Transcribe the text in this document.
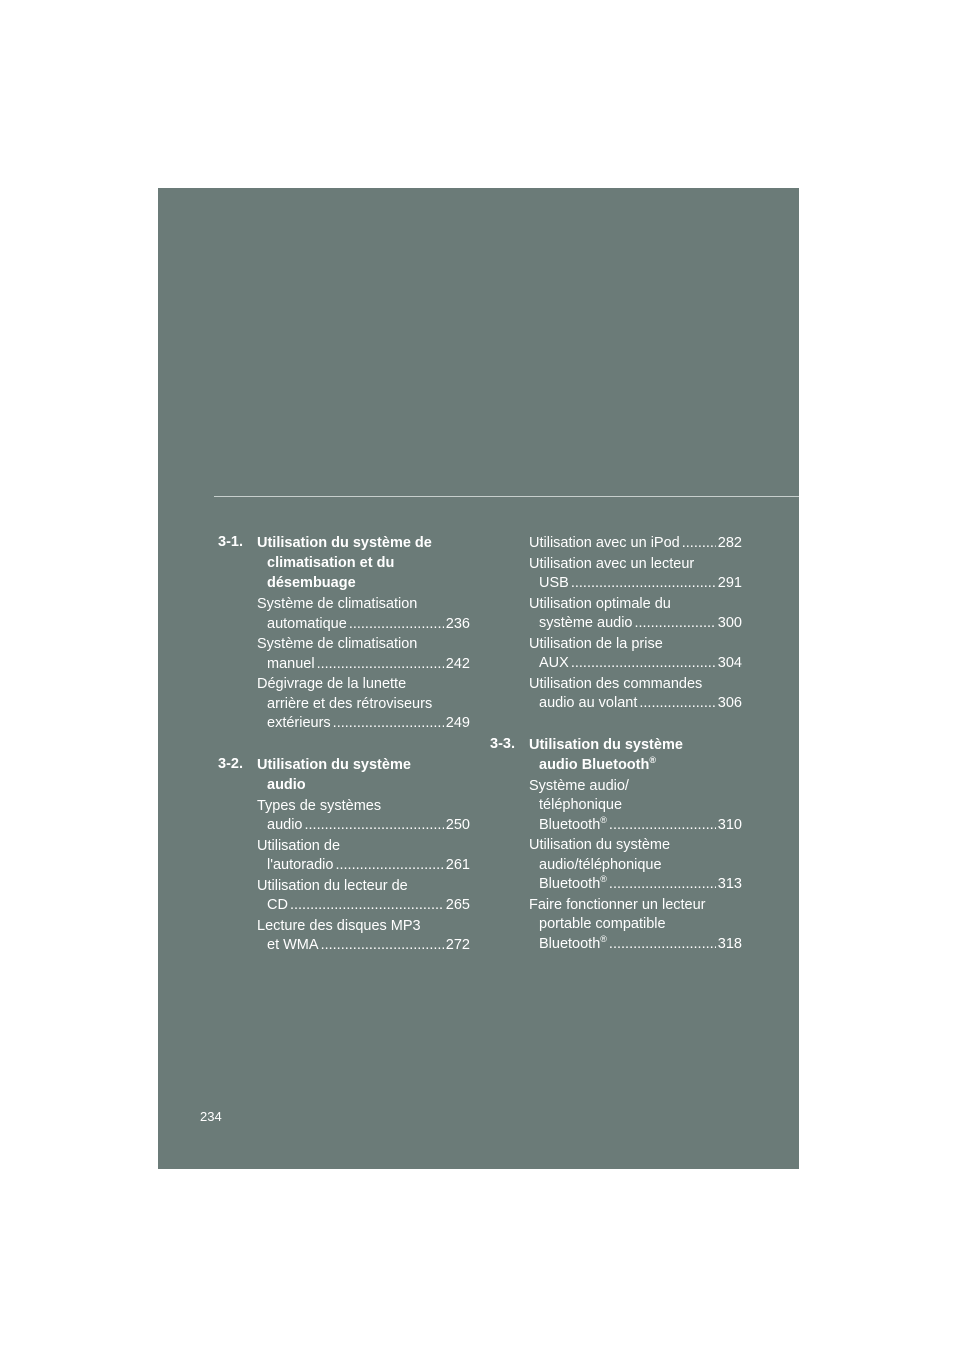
3-1. Utilisation du système de
climatisation et du
désembuage
Système de climatisation
automatique .....	236
Système de climatisation
manuel .....	242
Dégivrage de la lunette
arrière et des rétroviseurs
extérieurs .....	249
3-2. Utilisation du système
audio
Types de systèmes
audio .....	250
Utilisation de
l'autoradio .....	261
Utilisation du lecteur de
CD .....	265
Lecture des disques MP3
et WMA .....	272
Utilisation avec un iPod .....	282
Utilisation avec un lecteur
USB .....	291
Utilisation optimale du
système audio .....	300
Utilisation de la prise
AUX .....	304
Utilisation des commandes
audio au volant .....	306
3-3. Utilisation du système
audio Bluetooth®
Système audio/
téléphonique
Bluetooth® .....	310
Utilisation du système
audio/téléphonique
Bluetooth® .....	313
Faire fonctionner un lecteur
portable compatible
Bluetooth® .....	318
234
